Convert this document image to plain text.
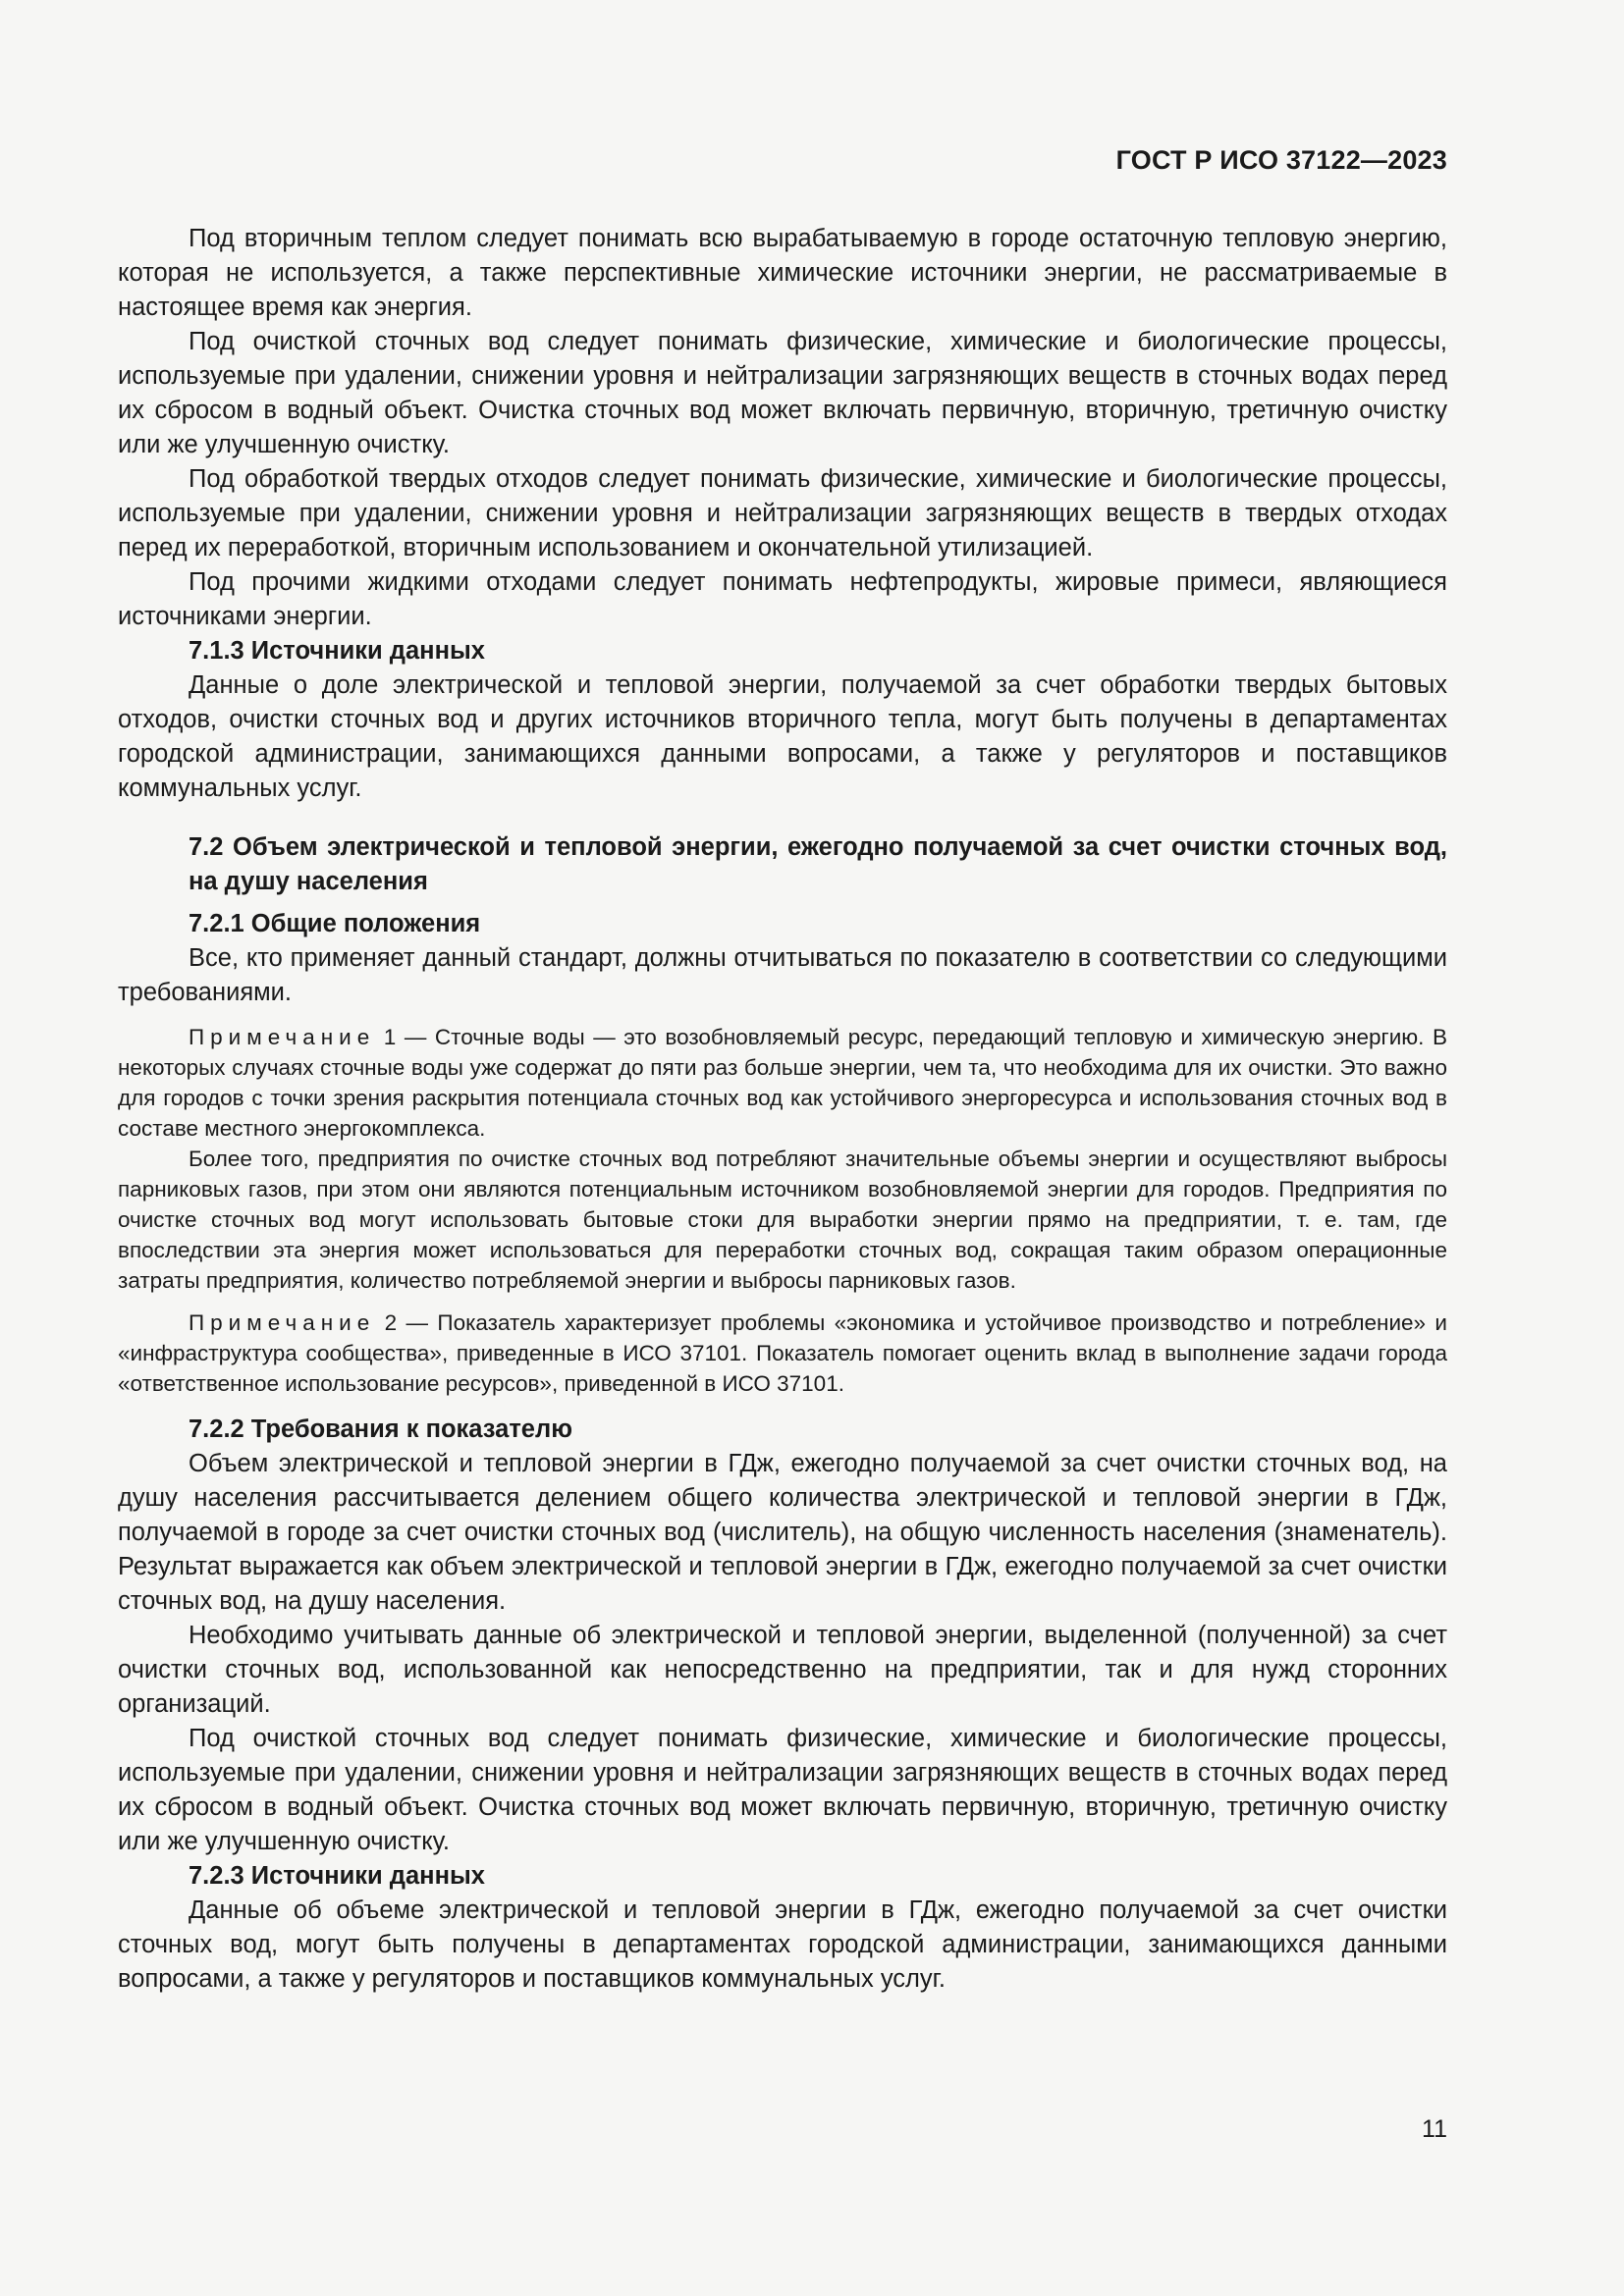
ГОСТ Р ИСО 37122—2023

Под вторичным теплом следует понимать всю вырабатываемую в городе остаточную тепловую энергию, которая не используется, а также перспективные химические источники энергии, не рассматриваемые в настоящее время как энергия.

Под очисткой сточных вод следует понимать физические, химические и биологические процессы, используемые при удалении, снижении уровня и нейтрализации загрязняющих веществ в сточных водах перед их сбросом в водный объект. Очистка сточных вод может включать первичную, вторичную, третичную очистку или же улучшенную очистку.

Под обработкой твердых отходов следует понимать физические, химические и биологические процессы, используемые при удалении, снижении уровня и нейтрализации загрязняющих веществ в твердых отходах перед их переработкой, вторичным использованием и окончательной утилизацией.

Под прочими жидкими отходами следует понимать нефтепродукты, жировые примеси, являющиеся источниками энергии.

7.1.3 Источники данных

Данные о доле электрической и тепловой энергии, получаемой за счет обработки твердых бытовых отходов, очистки сточных вод и других источников вторичного тепла, могут быть получены в департаментах городской администрации, занимающихся данными вопросами, а также у регуляторов и поставщиков коммунальных услуг.

7.2 Объем электрической и тепловой энергии, ежегодно получаемой за счет очистки сточных вод, на душу населения
7.2.1 Общие положения

Все, кто применяет данный стандарт, должны отчитываться по показателю в соответствии со следующими требованиями.

Примечание 1 — Сточные воды — это возобновляемый ресурс, передающий тепловую и химическую энергию. В некоторых случаях сточные воды уже содержат до пяти раз больше энергии, чем та, что необходима для их очистки. Это важно для городов с точки зрения раскрытия потенциала сточных вод как устойчивого энергоресурса и использования сточных вод в составе местного энергокомплекса.
Более того, предприятия по очистке сточных вод потребляют значительные объемы энергии и осуществляют выбросы парниковых газов, при этом они являются потенциальным источником возобновляемой энергии для городов. Предприятия по очистке сточных вод могут использовать бытовые стоки для выработки энергии прямо на предприятии, т. е. там, где впоследствии эта энергия может использоваться для переработки сточных вод, сокращая таким образом операционные затраты предприятия, количество потребляемой энергии и выбросы парниковых газов.
Примечание 2 — Показатель характеризует проблемы «экономика и устойчивое производство и потребление» и «инфраструктура сообщества», приведенные в ИСО 37101. Показатель помогает оценить вклад в выполнение задачи города «ответственное использование ресурсов», приведенной в ИСО 37101.
7.2.2 Требования к показателю

Объем электрической и тепловой энергии в ГДж, ежегодно получаемой за счет очистки сточных вод, на душу населения рассчитывается делением общего количества электрической и тепловой энергии в ГДж, получаемой в городе за счет очистки сточных вод (числитель), на общую численность населения (знаменатель). Результат выражается как объем электрической и тепловой энергии в ГДж, ежегодно получаемой за счет очистки сточных вод, на душу населения.

Необходимо учитывать данные об электрической и тепловой энергии, выделенной (полученной) за счет очистки сточных вод, использованной как непосредственно на предприятии, так и для нужд сторонних организаций.

Под очисткой сточных вод следует понимать физические, химические и биологические процессы, используемые при удалении, снижении уровня и нейтрализации загрязняющих веществ в сточных водах перед их сбросом в водный объект. Очистка сточных вод может включать первичную, вторичную, третичную очистку или же улучшенную очистку.

7.2.3 Источники данных

Данные об объеме электрической и тепловой энергии в ГДж, ежегодно получаемой за счет очистки сточных вод, могут быть получены в департаментах городской администрации, занимающихся данными вопросами, а также у регуляторов и поставщиков коммунальных услуг.

11
